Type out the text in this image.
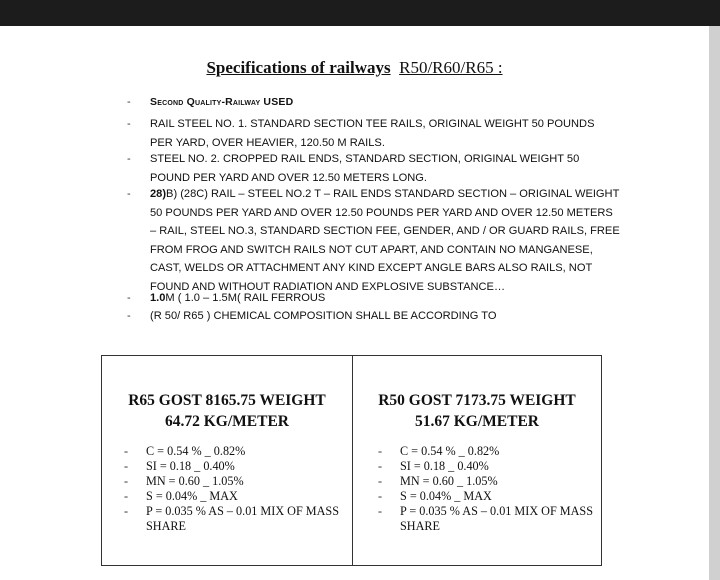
Specifications of railways R50/R60/R65 :
- Second Quality-Railway USED
- RAIL STEEL NO. 1. STANDARD SECTION TEE RAILS, ORIGINAL WEIGHT 50 POUNDS PER YARD, OVER HEAVIER, 120.50 M RAILS.
- STEEL NO. 2. CROPPED RAIL ENDS, STANDARD SECTION, ORIGINAL WEIGHT 50 POUND PER YARD AND OVER 12.50 METERS LONG.
- 28)B) (28C) RAIL – STEEL NO.2 T – RAIL ENDS STANDARD SECTION – ORIGINAL WEIGHT 50 POUNDS PER YARD AND OVER 12.50 POUNDS PER YARD AND OVER 12.50 METERS – RAIL, STEEL NO.3, STANDARD SECTION FEE, GENDER, AND / OR GUARD RAILS, FREE FROM FROG AND SWITCH RAILS NOT CUT APART, AND CONTAIN NO MANGANESE, CAST, WELDS OR ATTACHMENT ANY KIND EXCEPT ANGLE BARS ALSO RAILS, NOT FOUND AND WITHOUT RADIATION AND EXPLOSIVE SUBSTANCE…
- 1.0M ( 1.0 – 1.5M( RAIL FERROUS
- (R 50/ R65 ) CHEMICAL COMPOSITION SHALL BE ACCORDING TO
R65 GOST 8165.75 WEIGHT
64.72 KG/METER
- C = 0.54 % _ 0.82%
- SI = 0.18 _ 0.40%
- MN = 0.60 _ 1.05%
- S = 0.04% _ MAX
- P = 0.035 % AS – 0.01 MIX OF MASS SHARE
R50 GOST 7173.75 WEIGHT
51.67 KG/METER
- C = 0.54 % _ 0.82%
- SI = 0.18 _ 0.40%
- MN = 0.60 _ 1.05%
- S = 0.04% _ MAX
- P = 0.035 % AS – 0.01 MIX OF MASS SHARE
